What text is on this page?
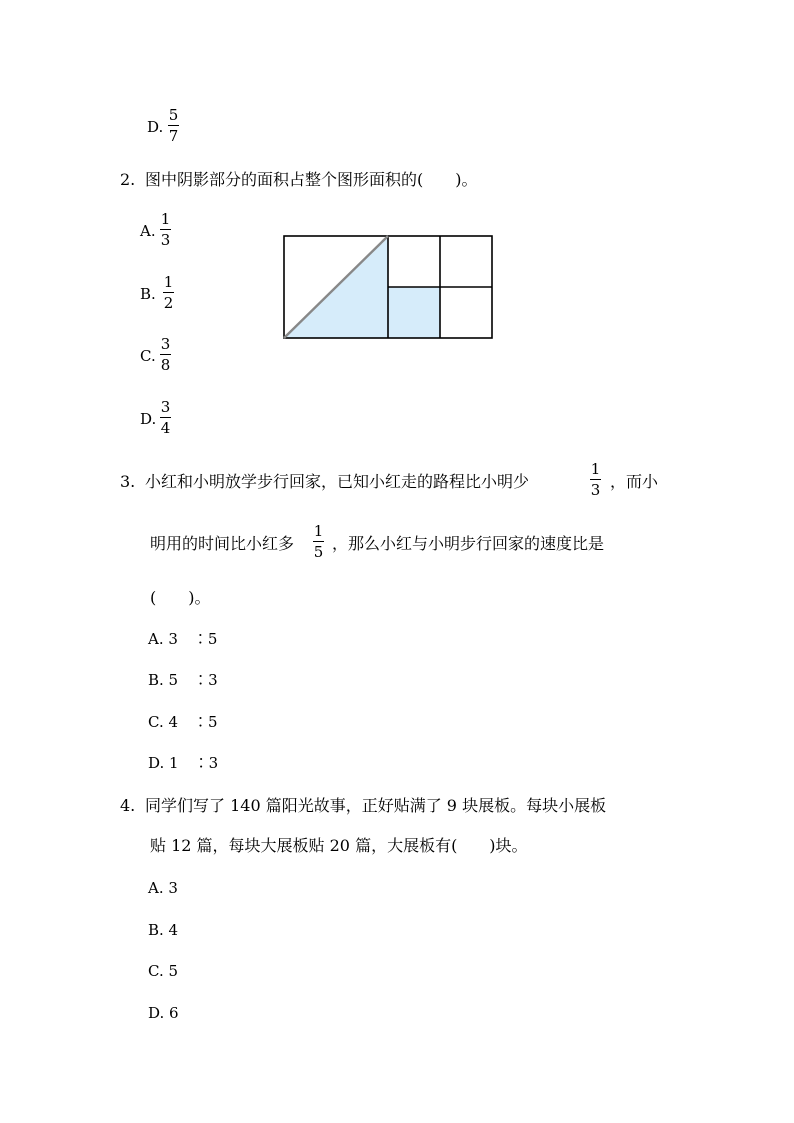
D.
5
7
2. 图中阴影部分的面积占整个图形面积的(　　)。
A.
1
3
B.
1
2
C.
3
8
D.
3
4
3. 小红和小明放学步行回家，已知小红走的路程比小明少
1
3 ，而小
明用的时间比小红多
1
5 ，那么小红与小明步行回家的速度比是
(　　)。
A. 3　∶5
B. 5　∶3
C. 4　∶5
D. 1　∶3
4. 同学们写了 140 篇阳光故事，正好贴满了 9 块展板。每块小展板
贴 12 篇，每块大展板贴 20 篇，大展板有(　　)块。
A. 3
B. 4
C. 5
D. 6
